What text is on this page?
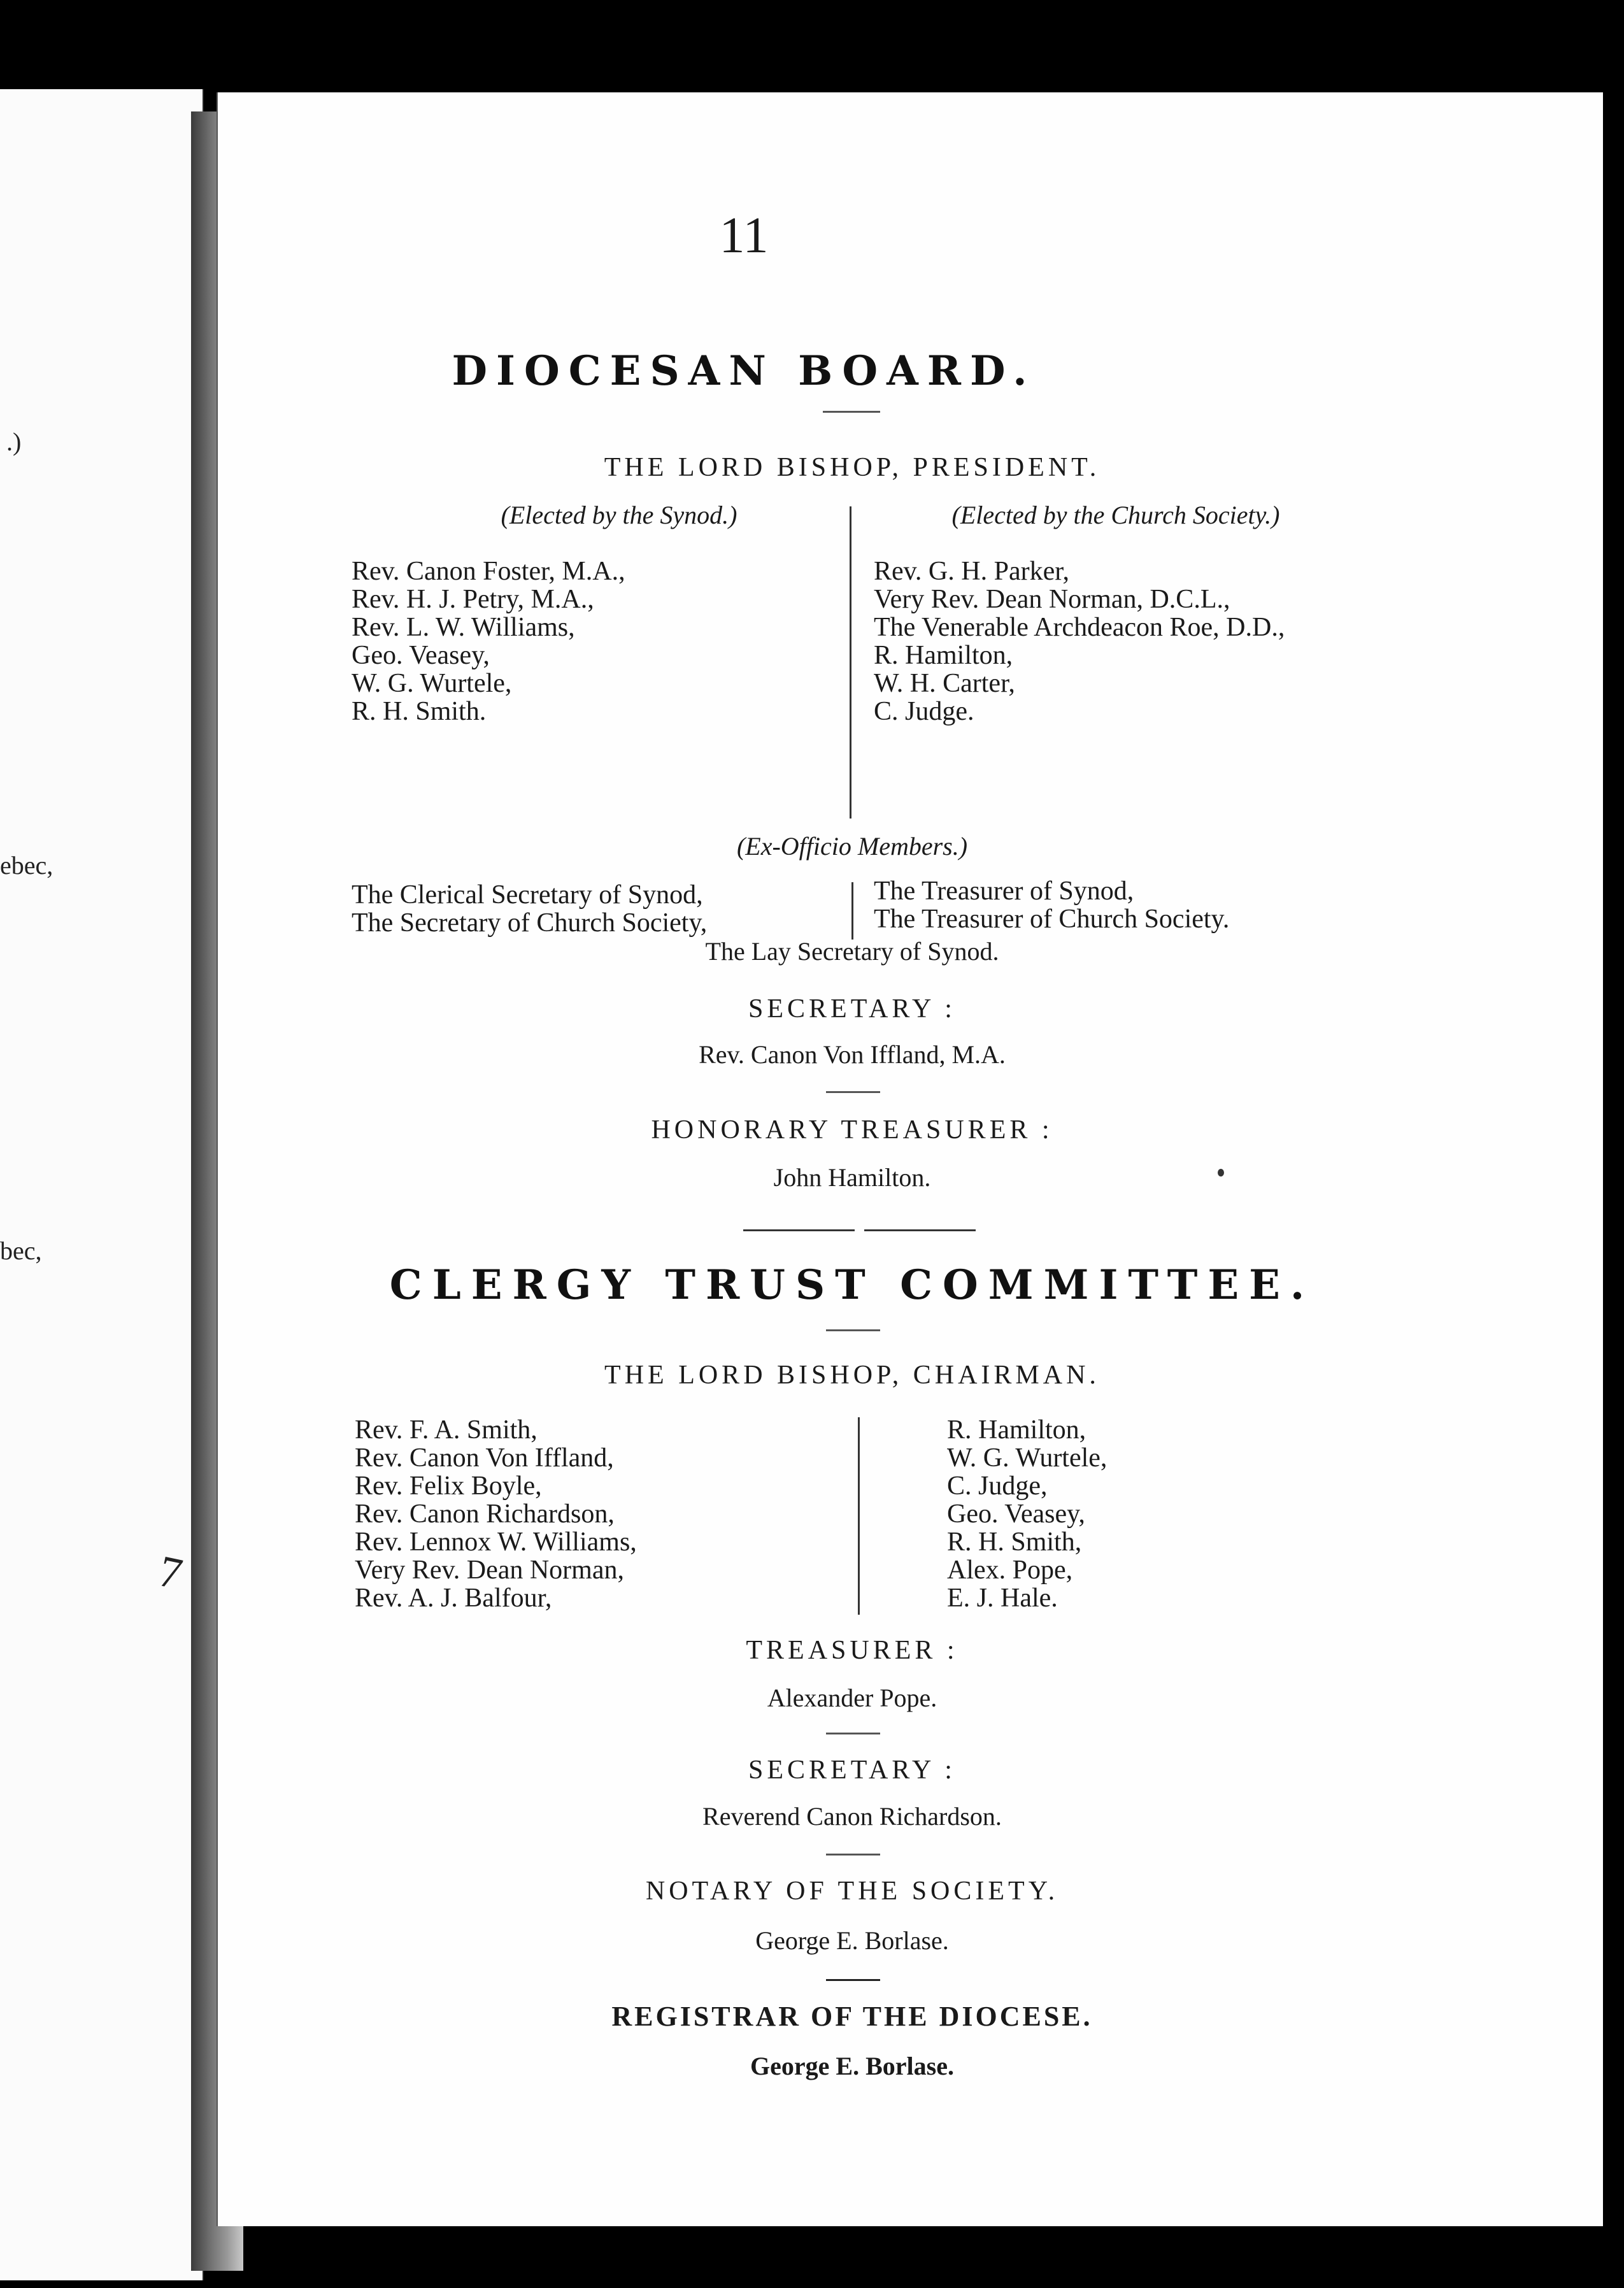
.)
ebec,
bec,
7
11
DIOCESAN BOARD.
THE LORD BISHOP, PRESIDENT.
(Elected by the Synod.)	(Elected by the Church Society.)
Rev. Canon Foster, M.A.,
Rev. H. J. Petry, M.A.,
Rev. L. W. Williams,
Geo. Veasey,
W. G. Wurtele,
R. H. Smith.
Rev. G. H. Parker,
Very Rev. Dean Norman, D.C.L.,
The Venerable Archdeacon Roe, D.D.,
R. Hamilton,
W. H. Carter,
C. Judge.
(Ex-Officio Members.)
The Clerical Secretary of Synod,
The Secretary of Church Society,
The Treasurer of Synod,
The Treasurer of Church Society.
The Lay Secretary of Synod.
SECRETARY :
Rev. Canon Von Iffland, M.A.
HONORARY TREASURER :
John Hamilton.
CLERGY TRUST COMMITTEE.
THE LORD BISHOP, CHAIRMAN.
Rev. F. A. Smith,
Rev. Canon Von Iffland,
Rev. Felix Boyle,
Rev. Canon Richardson,
Rev. Lennox W. Williams,
Very Rev. Dean Norman,
Rev. A. J. Balfour,
R. Hamilton,
W. G. Wurtele,
C. Judge,
Geo. Veasey,
R. H. Smith,
Alex. Pope,
E. J. Hale.
TREASURER :
Alexander Pope.
SECRETARY :
Reverend Canon Richardson.
NOTARY OF THE SOCIETY.
George E. Borlase.
REGISTRAR OF THE DIOCESE.
George E. Borlase.
